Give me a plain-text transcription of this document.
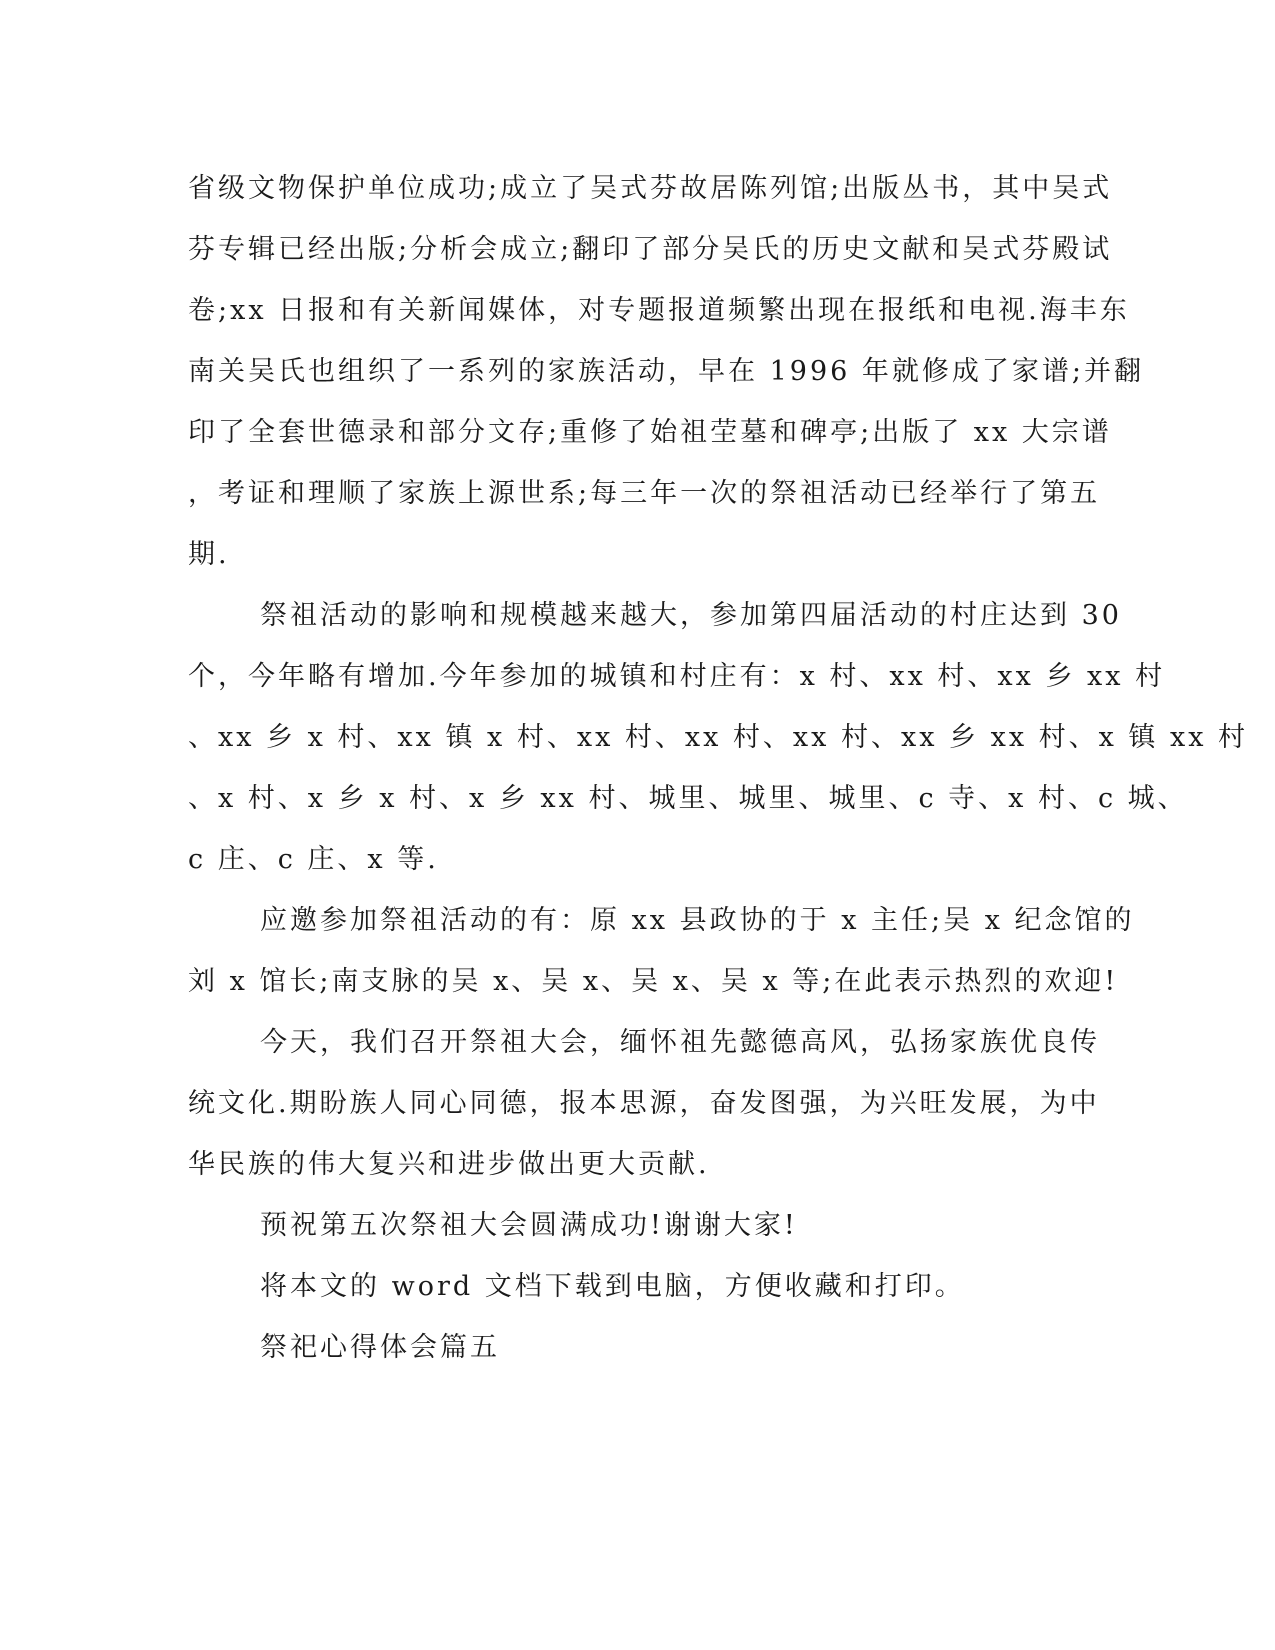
省级文物保护单位成功;成立了吴式芬故居陈列馆;出版丛书，其中吴式
芬专辑已经出版;分析会成立;翻印了部分吴氏的历史文献和吴式芬殿试
卷;xx 日报和有关新闻媒体，对专题报道频繁出现在报纸和电视.海丰东
南关吴氏也组织了一系列的家族活动，早在 1996 年就修成了家谱;并翻
印了全套世德录和部分文存;重修了始祖茔墓和碑亭;出版了 xx 大宗谱
，考证和理顺了家族上源世系;每三年一次的祭祖活动已经举行了第五
期.

祭祖活动的影响和规模越来越大，参加第四届活动的村庄达到 30
个，今年略有增加.今年参加的城镇和村庄有：x 村、xx 村、xx 乡 xx 村
、xx 乡 x 村、xx 镇 x 村、xx 村、xx 村、xx 村、xx 乡 xx 村、x 镇 xx 村
、x 村、x 乡 x 村、x 乡 xx 村、城里、城里、城里、c 寺、x 村、c 城、
c 庄、c 庄、x 等.

应邀参加祭祖活动的有：原 xx 县政协的于 x 主任;吴 x 纪念馆的
刘 x 馆长;南支脉的吴 x、吴 x、吴 x、吴 x 等;在此表示热烈的欢迎!

今天，我们召开祭祖大会，缅怀祖先懿德高风，弘扬家族优良传
统文化.期盼族人同心同德，报本思源，奋发图强，为兴旺发展，为中
华民族的伟大复兴和进步做出更大贡献.

预祝第五次祭祖大会圆满成功!谢谢大家!

将本文的 word 文档下载到电脑，方便收藏和打印。

祭祀心得体会篇五
